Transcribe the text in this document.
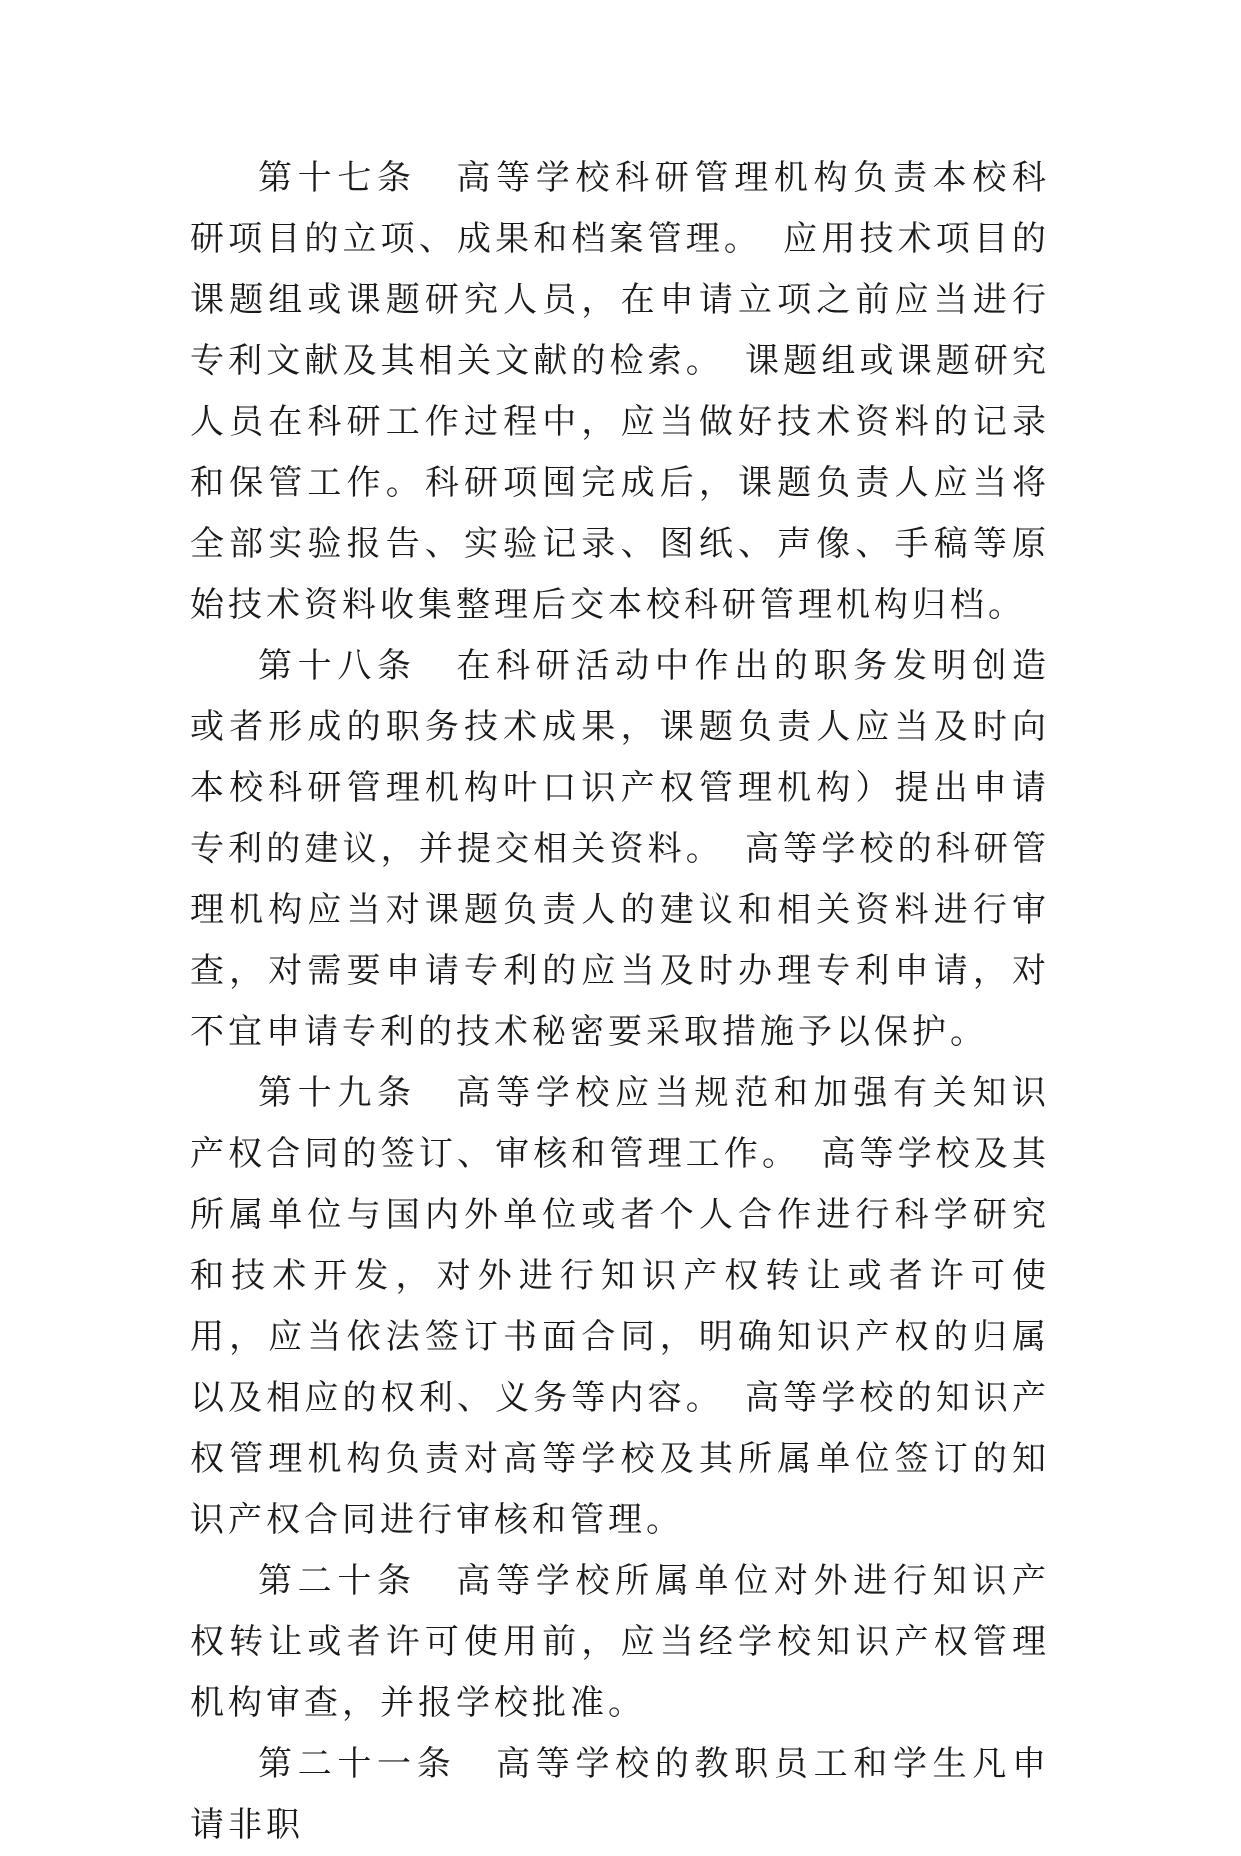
第十七条　高等学校科研管理机构负责本校科研项目的立项、成果和档案管理。　应用技术项目的课题组或课题研究人员，在申请立项之前应当进行专利文献及其相关文献的检索。　课题组或课题研究人员在科研工作过程中，应当做好技术资料的记录和保管工作。科研项囤完成后，课题负责人应当将全部实验报告、实验记录、图纸、声像、手稿等原始技术资料收集整理后交本校科研管理机构归档。

第十八条　在科研活动中作出的职务发明创造或者形成的职务技术成果，课题负责人应当及时向本校科研管理机构叶口识产权管理机构）提出申请专利的建议，并提交相关资料。　高等学校的科研管理机构应当对课题负责人的建议和相关资料进行审查，对需要申请专利的应当及时办理专利申请，对不宜申请专利的技术秘密要采取措施予以保护。

第十九条　高等学校应当规范和加强有关知识产权合同的签订、审核和管理工作。　高等学校及其所属单位与国内外单位或者个人合作进行科学研究和技术开发，对外进行知识产权转让或者许可使用，应当依法签订书面合同，明确知识产权的归属以及相应的权利、义务等内容。　高等学校的知识产权管理机构负责对高等学校及其所属单位签订的知识产权合同进行审核和管理。

第二十条　高等学校所属单位对外进行知识产权转让或者许可使用前，应当经学校知识产权管理机构审查，并报学校批准。

第二十一条　高等学校的教职员工和学生凡申请非职
